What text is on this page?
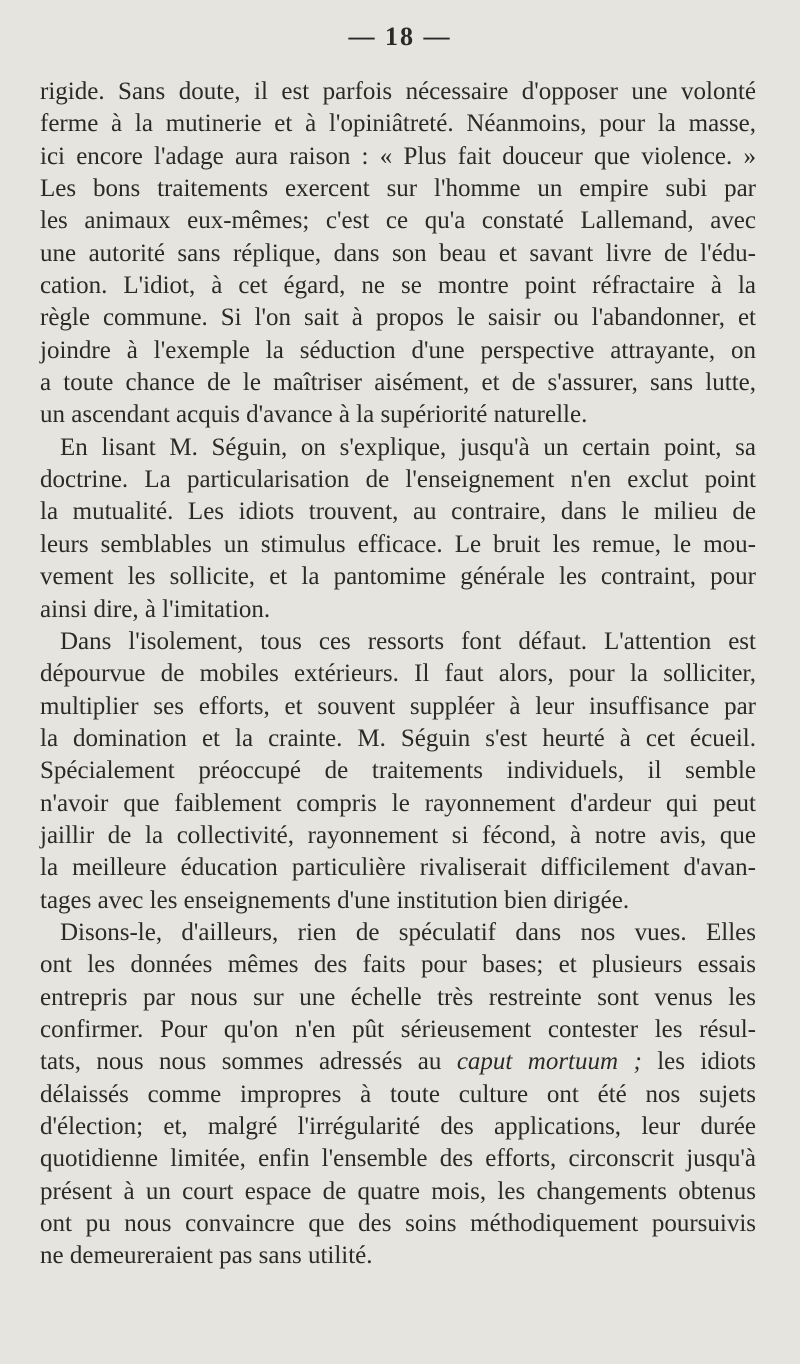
— 18 —
rigide. Sans doute, il est parfois nécessaire d'opposer une volonté
ferme à la mutinerie et à l'opiniâtreté. Néanmoins, pour la masse,
ici encore l'adage aura raison : « Plus fait douceur que violence. »
Les bons traitements exercent sur l'homme un empire subi par
les animaux eux-mêmes; c'est ce qu'a constaté Lallemand, avec
une autorité sans réplique, dans son beau et savant livre de l'édu-
cation. L'idiot, à cet égard, ne se montre point réfractaire à la
règle commune. Si l'on sait à propos le saisir ou l'abandonner, et
joindre à l'exemple la séduction d'une perspective attrayante, on
a toute chance de le maîtriser aisément, et de s'assurer, sans lutte,
un ascendant acquis d'avance à la supériorité naturelle.
En lisant M. Séguin, on s'explique, jusqu'à un certain point, sa
doctrine. La particularisation de l'enseignement n'en exclut point
la mutualité. Les idiots trouvent, au contraire, dans le milieu de
leurs semblables un stimulus efficace. Le bruit les remue, le mou-
vement les sollicite, et la pantomime générale les contraint, pour
ainsi dire, à l'imitation.
Dans l'isolement, tous ces ressorts font défaut. L'attention est
dépourvue de mobiles extérieurs. Il faut alors, pour la solliciter,
multiplier ses efforts, et souvent suppléer à leur insuffisance par
la domination et la crainte. M. Séguin s'est heurté à cet écueil.
Spécialement préoccupé de traitements individuels, il semble
n'avoir que faiblement compris le rayonnement d'ardeur qui peut
jaillir de la collectivité, rayonnement si fécond, à notre avis, que
la meilleure éducation particulière rivaliserait difficilement d'avan-
tages avec les enseignements d'une institution bien dirigée.
Disons-le, d'ailleurs, rien de spéculatif dans nos vues. Elles
ont les données mêmes des faits pour bases; et plusieurs essais
entrepris par nous sur une échelle très restreinte sont venus les
confirmer. Pour qu'on n'en pût sérieusement contester les résul-
tats, nous nous sommes adressés au caput mortuum ; les idiots
délaissés comme impropres à toute culture ont été nos sujets
d'élection; et, malgré l'irrégularité des applications, leur durée
quotidienne limitée, enfin l'ensemble des efforts, circonscrit jusqu'à
présent à un court espace de quatre mois, les changements obtenus
ont pu nous convaincre que des soins méthodiquement poursuivis
ne demeureraient pas sans utilité.
